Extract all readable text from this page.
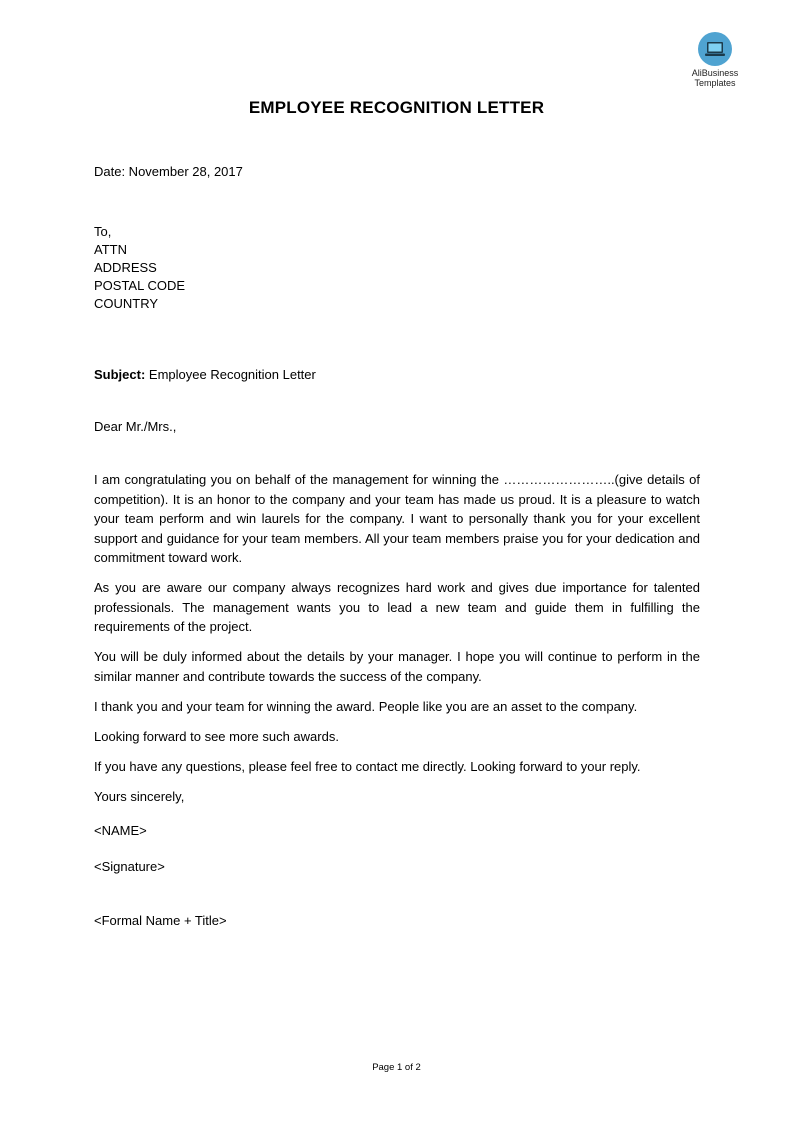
AliBusiness
Templates
EMPLOYEE RECOGNITION LETTER
Date: November 28, 2017
To,
ATTN
ADDRESS
POSTAL CODE
COUNTRY
Subject: Employee Recognition Letter
Dear Mr./Mrs.,

I am congratulating you on behalf of the management for winning the ……………………..(give details of competition). It is an honor to the company and your team has made us proud. It is a pleasure to watch your team perform and win laurels for the company. I want to personally thank you for your excellent support and guidance for your team members. All your team members praise you for your dedication and commitment toward work.

As you are aware our company always recognizes hard work and gives due importance for talented professionals. The management wants you to lead a new team and guide them in fulfilling the requirements of the project.

You will be duly informed about the details by your manager. I hope you will continue to perform in the similar manner and contribute towards the success of the company.

I thank you and your team for winning the award. People like you are an asset to the company.

Looking forward to see more such awards.

If you have any questions, please feel free to contact me directly. Looking forward to your reply.

Yours sincerely,
<NAME>
<Signature>
<Formal Name + Title>
Page 1 of 2
